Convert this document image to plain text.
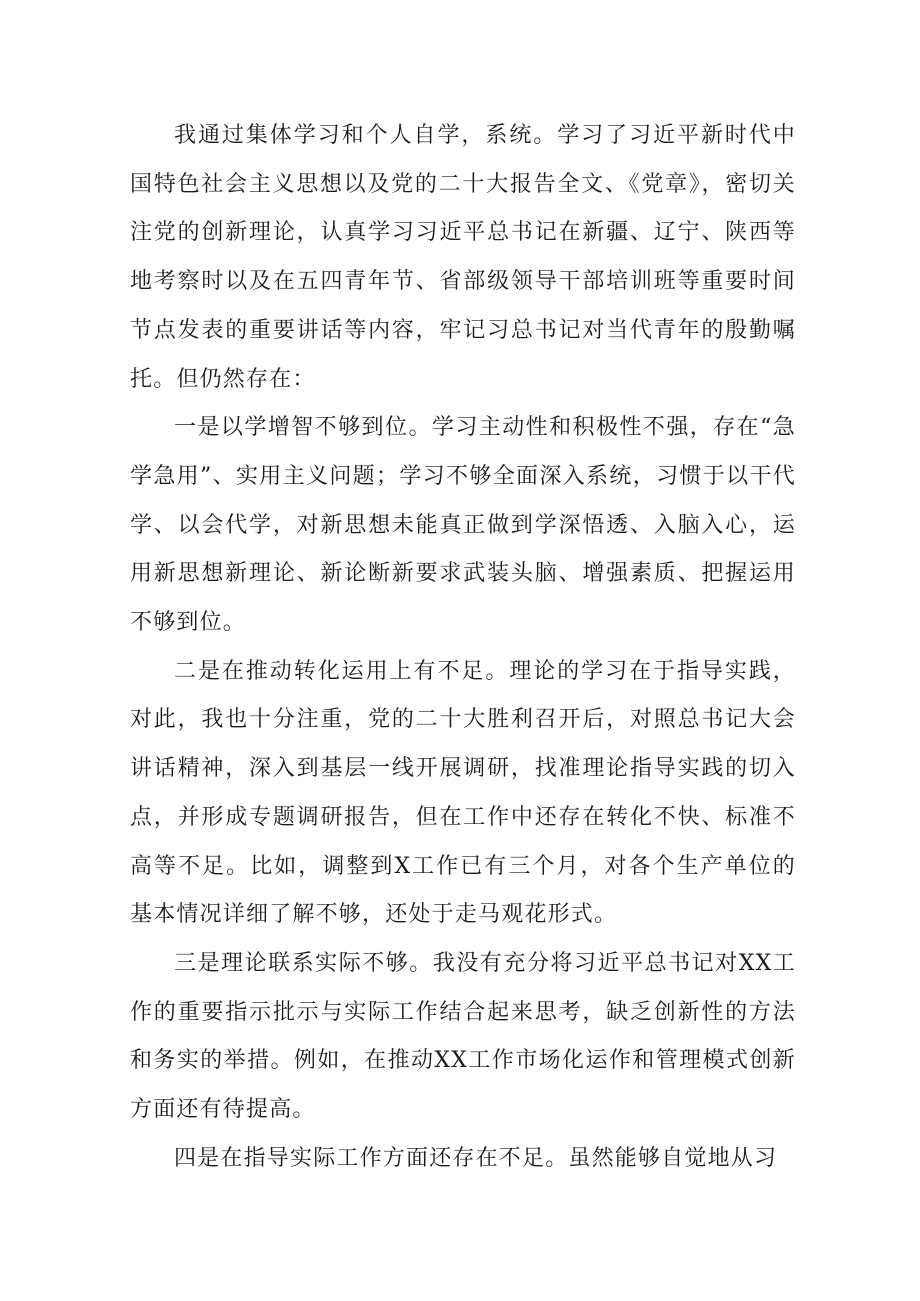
我通过集体学习和个人自学，系统。学习了习近平新时代中国特色社会主义思想以及党的二十大报告全文、《党章》，密切关注党的创新理论，认真学习习近平总书记在新疆、辽宁、陕西等地考察时以及在五四青年节、省部级领导干部培训班等重要时间节点发表的重要讲话等内容，牢记习总书记对当代青年的殷勤嘱托。但仍然存在：

一是以学增智不够到位。学习主动性和积极性不强，存在“急学急用”、实用主义问题；学习不够全面深入系统，习惯于以干代学、以会代学，对新思想未能真正做到学深悟透、入脑入心，运用新思想新理论、新论断新要求武装头脑、增强素质、把握运用不够到位。

二是在推动转化运用上有不足。理论的学习在于指导实践，对此，我也十分注重，党的二十大胜利召开后，对照总书记大会讲话精神，深入到基层一线开展调研，找准理论指导实践的切入点，并形成专题调研报告，但在工作中还存在转化不快、标准不高等不足。比如，调整到X工作已有三个月，对各个生产单位的基本情况详细了解不够，还处于走马观花形式。

三是理论联系实际不够。我没有充分将习近平总书记对XX工作的重要指示批示与实际工作结合起来思考，缺乏创新性的方法和务实的举措。例如，在推动XX工作市场化运作和管理模式创新方面还有待提高。

四是在指导实际工作方面还存在不足。虽然能够自觉地从习
